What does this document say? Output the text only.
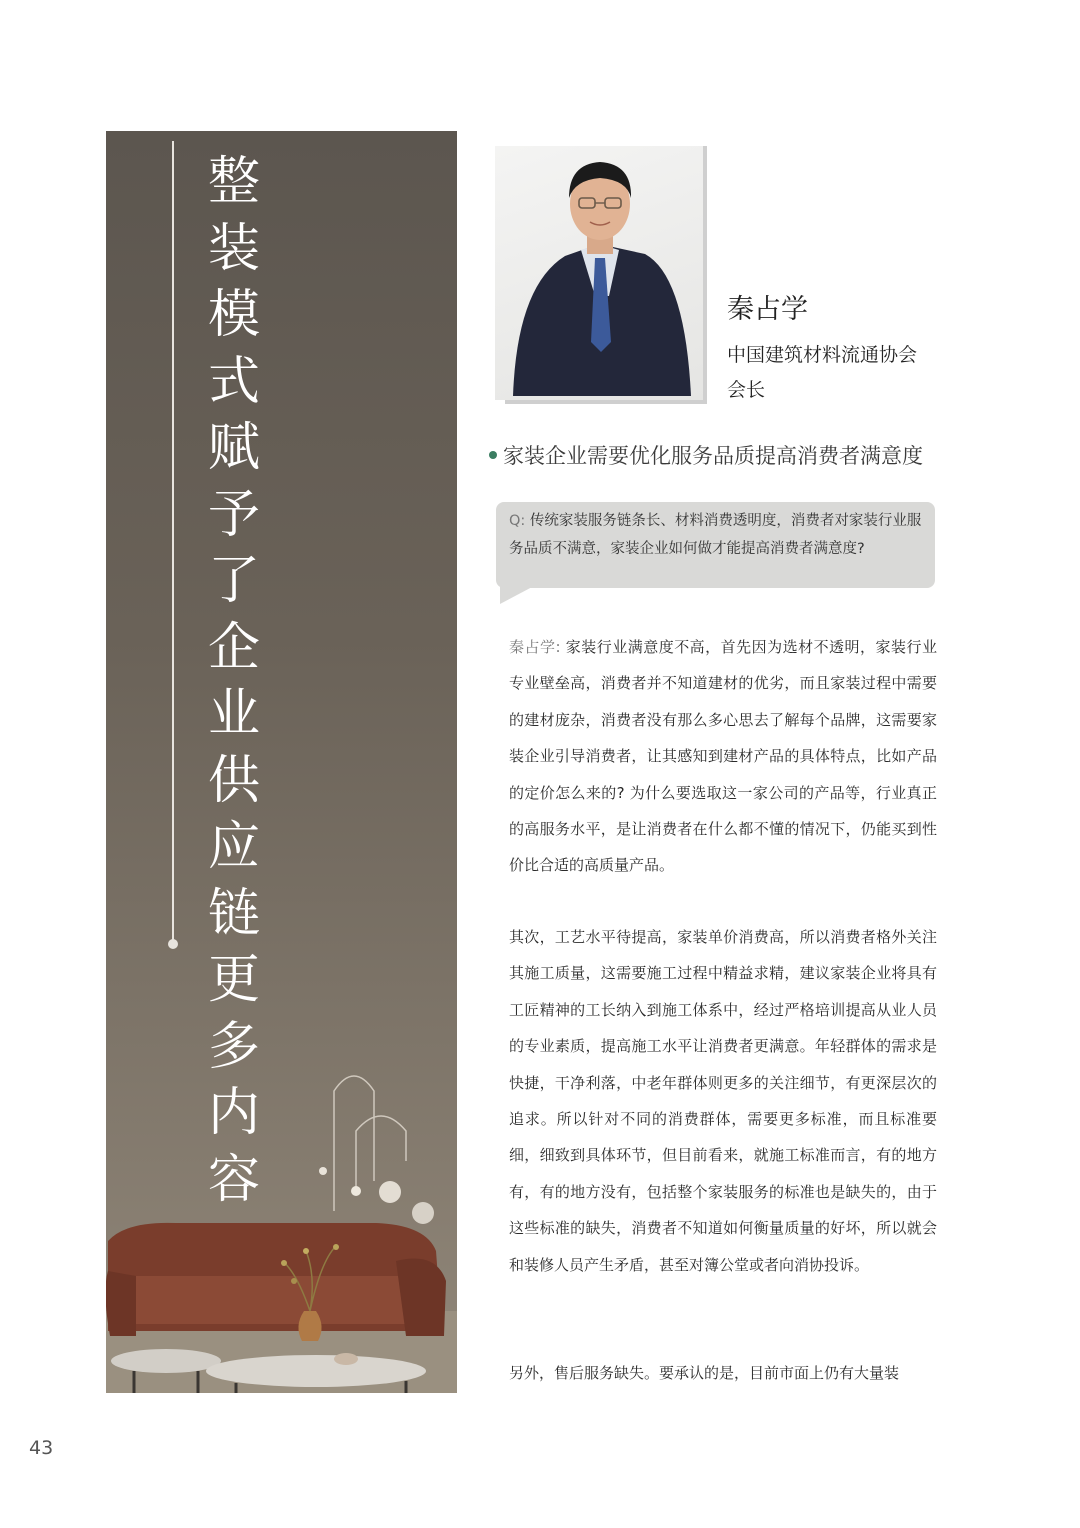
整
装
模
式
赋
予
了
企
业
供
应
链
更
多
内
容
秦占学
中国建筑材料流通协会
会长
家装企业需要优化服务品质提高消费者满意度
Q: 传统家装服务链条长、材料消费透明度，消费者对家装行业服务品质不满意，家装企业如何做才能提高消费者满意度?

秦占学: 家装行业满意度不高，首先因为选材不透明，家装行业专业壁垒高，消费者并不知道建材的优劣，而且家装过程中需要的建材庞杂，消费者没有那么多心思去了解每个品牌，这需要家装企业引导消费者，让其感知到建材产品的具体特点，比如产品的定价怎么来的? 为什么要选取这一家公司的产品等，行业真正的高服务水平，是让消费者在什么都不懂的情况下，仍能买到性价比合适的高质量产品。

其次，工艺水平待提高，家装单价消费高，所以消费者格外关注其施工质量，这需要施工过程中精益求精，建议家装企业将具有工匠精神的工长纳入到施工体系中，经过严格培训提高从业人员的专业素质，提高施工水平让消费者更满意。年轻群体的需求是快捷，干净利落，中老年群体则更多的关注细节，有更深层次的追求。所以针对不同的消费群体，需要更多标准，而且标准要细，细致到具体环节，但目前看来，就施工标准而言，有的地方有，有的地方没有，包括整个家装服务的标准也是缺失的，由于这些标准的缺失，消费者不知道如何衡量质量的好坏，所以就会和装修人员产生矛盾，甚至对簿公堂或者向消协投诉。

另外，售后服务缺失。要承认的是，目前市面上仍有大量装

43
